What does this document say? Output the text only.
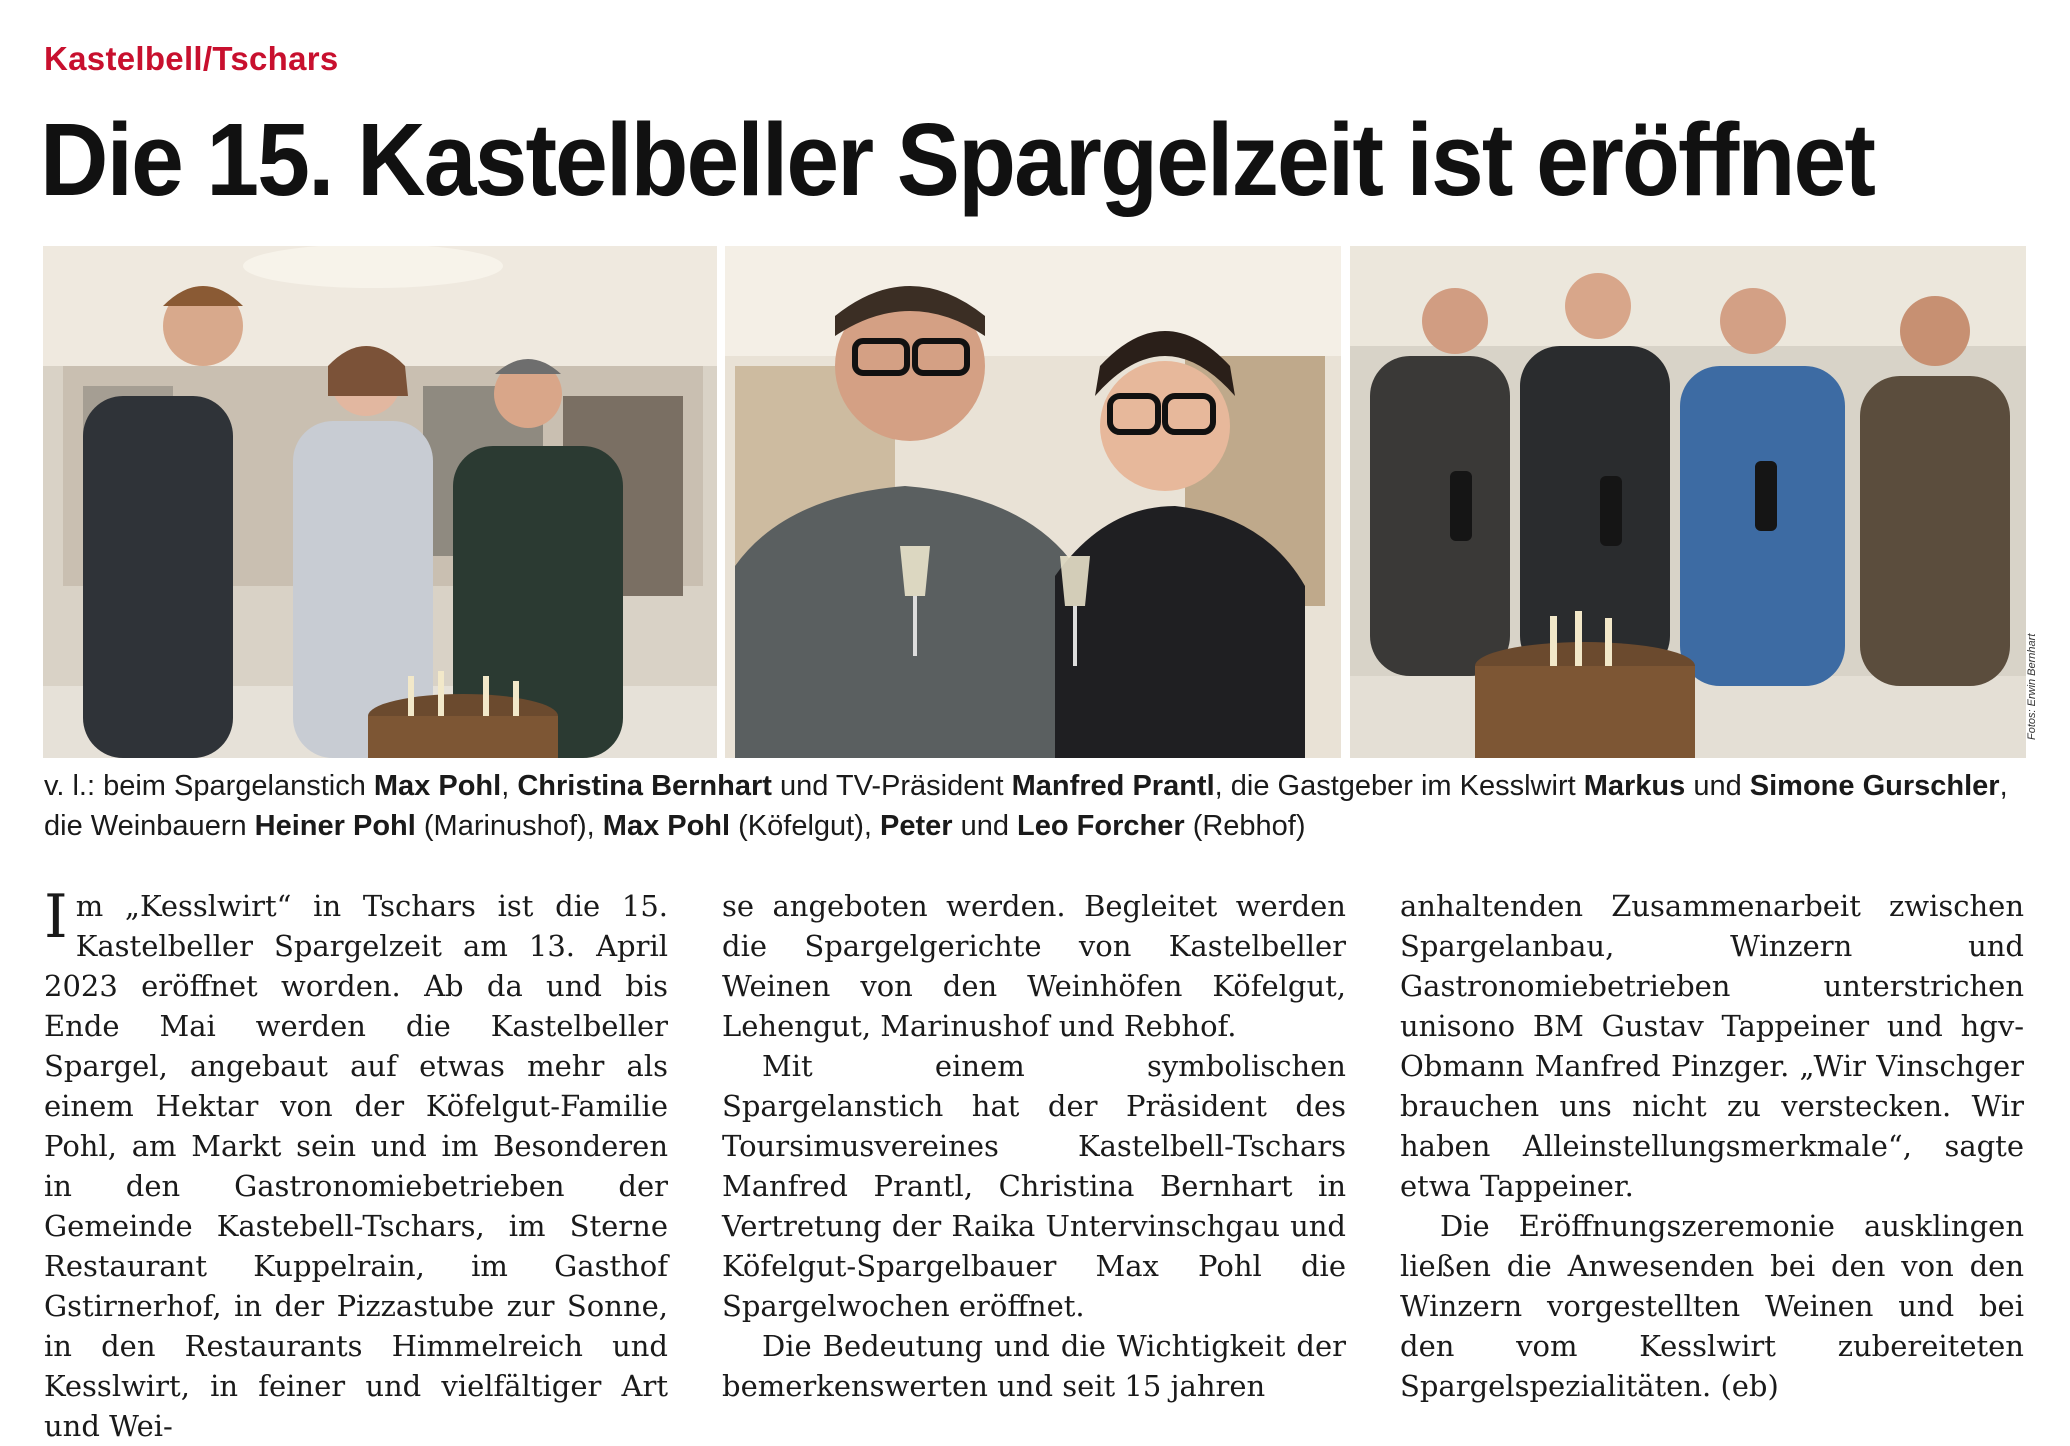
Kastelbell/Tschars
Die 15. Kastelbeller Spargelzeit ist eröffnet
Fotos: Erwin Bernhart
v. l.: beim Spargelanstich Max Pohl, Christina Bernhart und TV-Präsident Manfred Prantl, die Gastgeber im Kesslwirt Markus und Simone Gurschler, die Weinbauern Heiner Pohl (Marinushof), Max Pohl (Köfelgut), Peter und Leo Forcher (Rebhof)

Im „Kesslwirt“ in Tschars ist die 15. Kastelbeller Spargelzeit am 13. April 2023 eröffnet worden. Ab da und bis Ende Mai werden die Kastelbeller Spargel, angebaut auf etwas mehr als einem Hektar von der Köfelgut-Familie Pohl, am Markt sein und im Besonderen in den Gastronomiebetrieben der Gemeinde Kastebell-Tschars, im Sterne Restaurant Kuppelrain, im Gasthof Gstirnerhof, in der Pizzastube zur Sonne, in den Restaurants Himmelreich und Kesslwirt, in feiner und vielfältiger Art und Wei-

se angeboten werden. Begleitet werden die Spargelgerichte von Kastelbeller Weinen von den Weinhöfen Köfelgut, Lehengut, Marinushof und Rebhof.

Mit einem symbolischen Spargelanstich hat der Präsident des Toursimusvereines Kastelbell-Tschars Manfred Prantl, Christina Bernhart in Vertretung der Raika Untervinschgau und Köfelgut-Spargelbauer Max Pohl die Spargelwochen eröffnet.

Die Bedeutung und die Wichtigkeit der bemerkenswerten und seit 15 jahren

anhaltenden Zusammenarbeit zwischen Spargelanbau, Winzern und Gastronomiebetrieben unterstrichen unisono BM Gustav Tappeiner und hgv-Obmann Manfred Pinzger. „Wir Vinschger brauchen uns nicht zu verstecken. Wir haben Alleinstellungsmerkmale“, sagte etwa Tappeiner.

Die Eröffnungszeremonie ausklingen ließen die Anwesenden bei den von den Winzern vorgestellten Weinen und bei den vom Kesslwirt zubereiteten Spargelspezialitäten. (eb)
